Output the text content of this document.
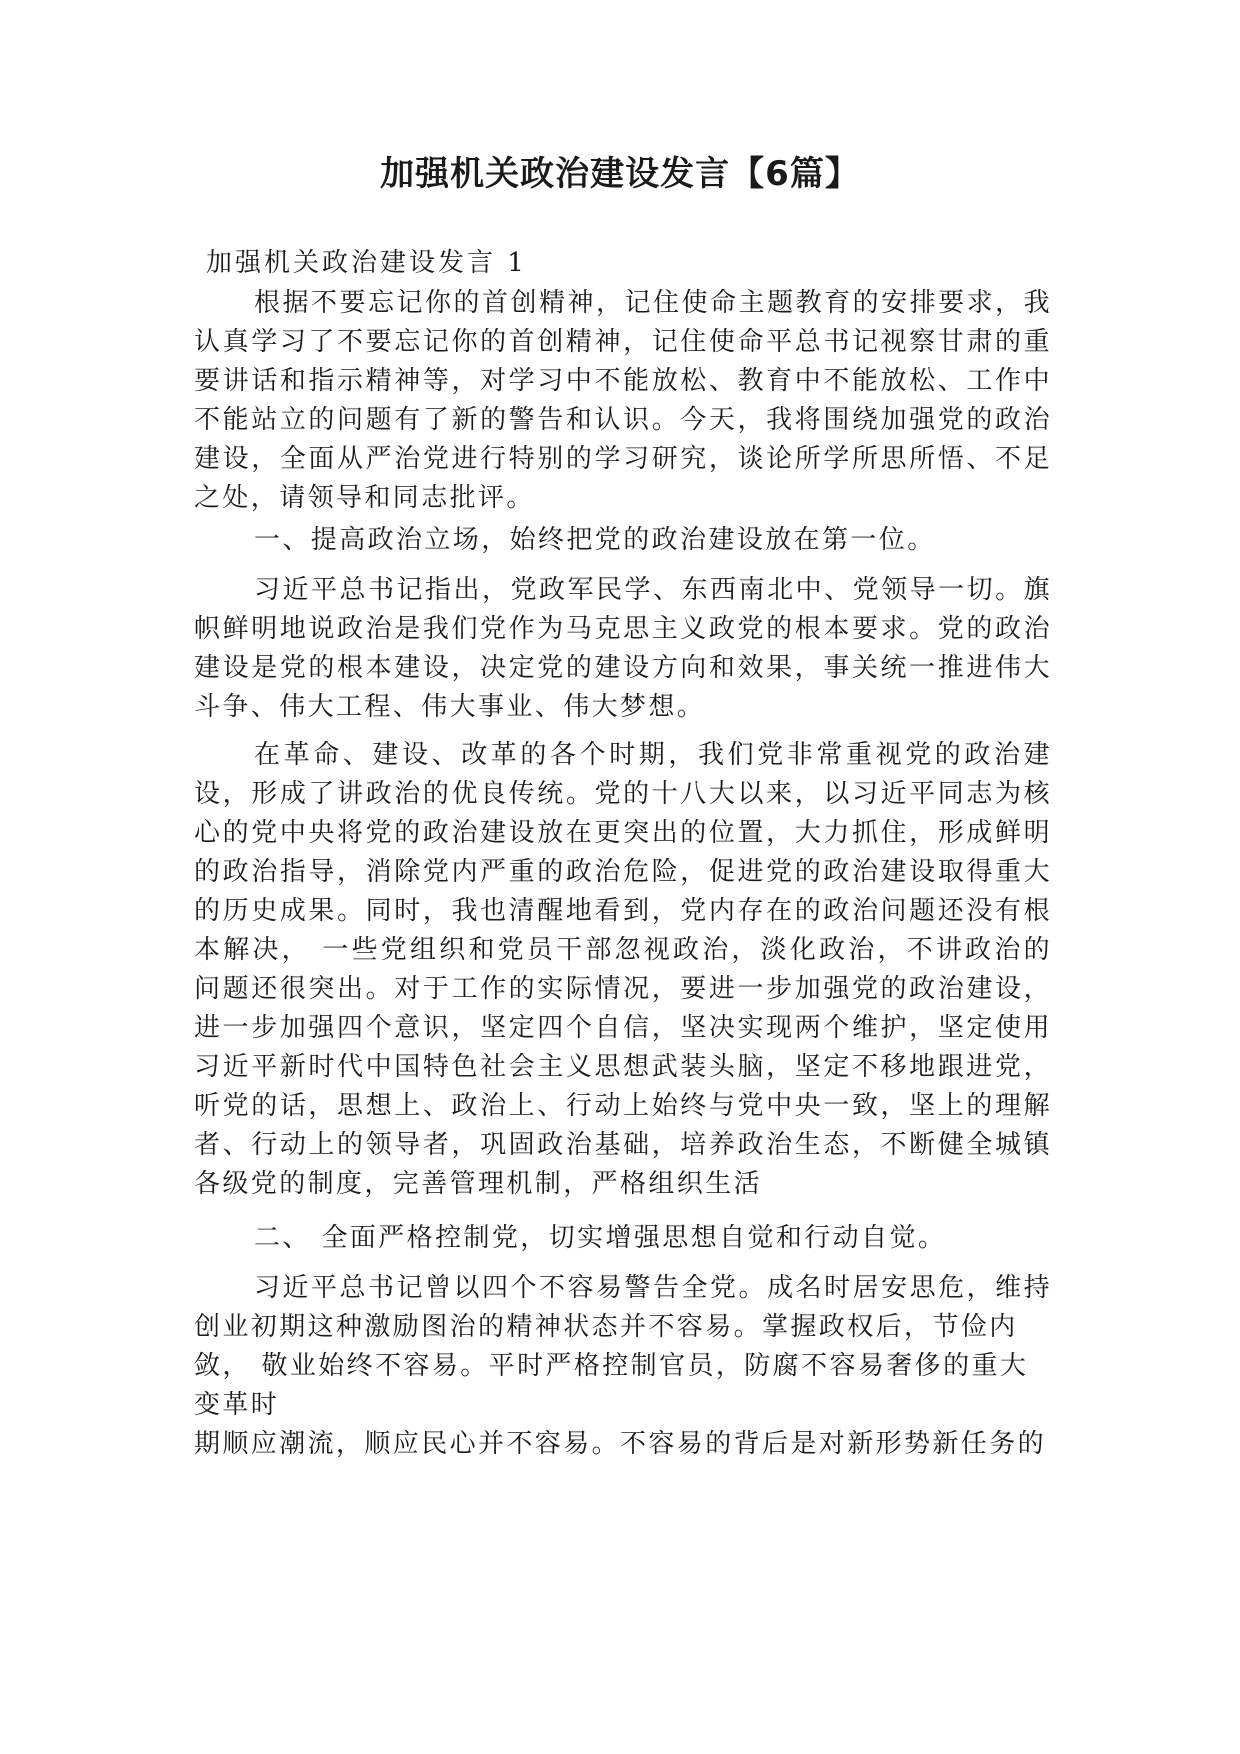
加强机关政治建设发言【6篇】
加强机关政治建设发言 1

根据不要忘记你的首创精神，记住使命主题教育的安排要求，我认真学习了不要忘记你的首创精神，记住使命平总书记视察甘肃的重要讲话和指示精神等，对学习中不能放松、教育中不能放松、工作中不能站立的问题有了新的警告和认识。今天，我将围绕加强党的政治建设，全面从严治党进行特别的学习研究，谈论所学所思所悟、不足之处，请领导和同志批评。

一、提高政治立场，始终把党的政治建设放在第一位。

习近平总书记指出，党政军民学、东西南北中、党领导一切。旗帜鲜明地说政治是我们党作为马克思主义政党的根本要求。党的政治建设是党的根本建设，决定党的建设方向和效果，事关统一推进伟大斗争、伟大工程、伟大事业、伟大梦想。

在革命、建设、改革的各个时期，我们党非常重视党的政治建设，形成了讲政治的优良传统。党的十八大以来，以习近平同志为核心的党中央将党的政治建设放在更突出的位置，大力抓住，形成鲜明的政治指导，消除党内严重的政治危险，促进党的政治建设取得重大的历史成果。同时，我也清醒地看到，党内存在的政治问题还没有根本解决， 一些党组织和党员干部忽视政治，淡化政治，不讲政治的问题还很突出。对于工作的实际情况，要进一步加强党的政治建设，进一步加强四个意识，坚定四个自信，坚决实现两个维护，坚定使用习近平新时代中国特色社会主义思想武装头脑，坚定不移地跟进党，听党的话，思想上、政治上、行动上始终与党中央一致，坚上的理解者、行动上的领导者，巩固政治基础，培养政治生态，不断健全城镇各级党的制度，完善管理机制，严格组织生活

二、 全面严格控制党，切实增强思想自觉和行动自觉。

习近平总书记曾以四个不容易警告全党。成名时居安思危，维持创业初期这种激励图治的精神状态并不容易。掌握政权后，节俭内

敛， 敬业始终不容易。平时严格控制官员，防腐不容易奢侈的重大
变革时
期顺应潮流，顺应民心并不容易。不容易的背后是对新形势新任务的
